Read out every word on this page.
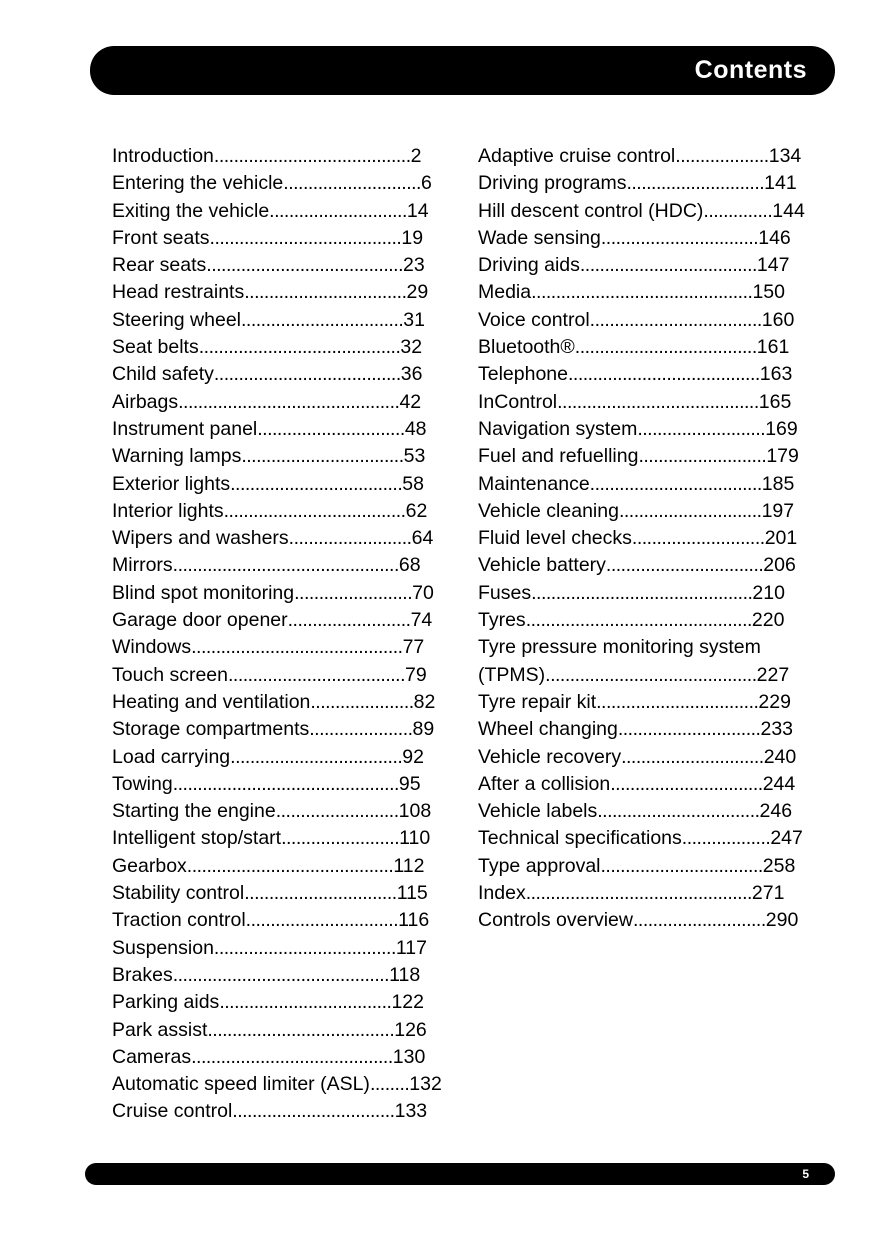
Contents
Introduction........................................2
Entering the vehicle............................6
Exiting the vehicle............................14
Front seats.......................................19
Rear seats........................................23
Head restraints.................................29
Steering wheel.................................31
Seat belts.........................................32
Child safety......................................36
Airbags.............................................42
Instrument panel..............................48
Warning lamps.................................53
Exterior lights...................................58
Interior lights.....................................62
Wipers and washers.........................64
Mirrors..............................................68
Blind spot monitoring........................70
Garage door opener.........................74
Windows...........................................77
Touch screen....................................79
Heating and ventilation.....................82
Storage compartments.....................89
Load carrying...................................92
Towing..............................................95
Starting the engine.........................108
Intelligent stop/start........................110
Gearbox..........................................112
Stability control...............................115
Traction control...............................116
Suspension.....................................117
Brakes............................................118
Parking aids...................................122
Park assist......................................126
Cameras.........................................130
Automatic speed limiter (ASL)........132
Cruise control.................................133
Adaptive cruise control...................134
Driving programs............................141
Hill descent control (HDC)..............144
Wade sensing................................146
Driving aids....................................147
Media.............................................150
Voice control...................................160
Bluetooth®.....................................161
Telephone.......................................163
InControl.........................................165
Navigation system..........................169
Fuel and refuelling..........................179
Maintenance...................................185
Vehicle cleaning.............................197
Fluid level checks...........................201
Vehicle battery................................206
Fuses.............................................210
Tyres..............................................220
Tyre pressure monitoring system
(TPMS)...........................................227
Tyre repair kit.................................229
Wheel changing.............................233
Vehicle recovery.............................240
After a collision...............................244
Vehicle labels.................................246
Technical specifications..................247
Type approval.................................258
Index..............................................271
Controls overview...........................290
5
